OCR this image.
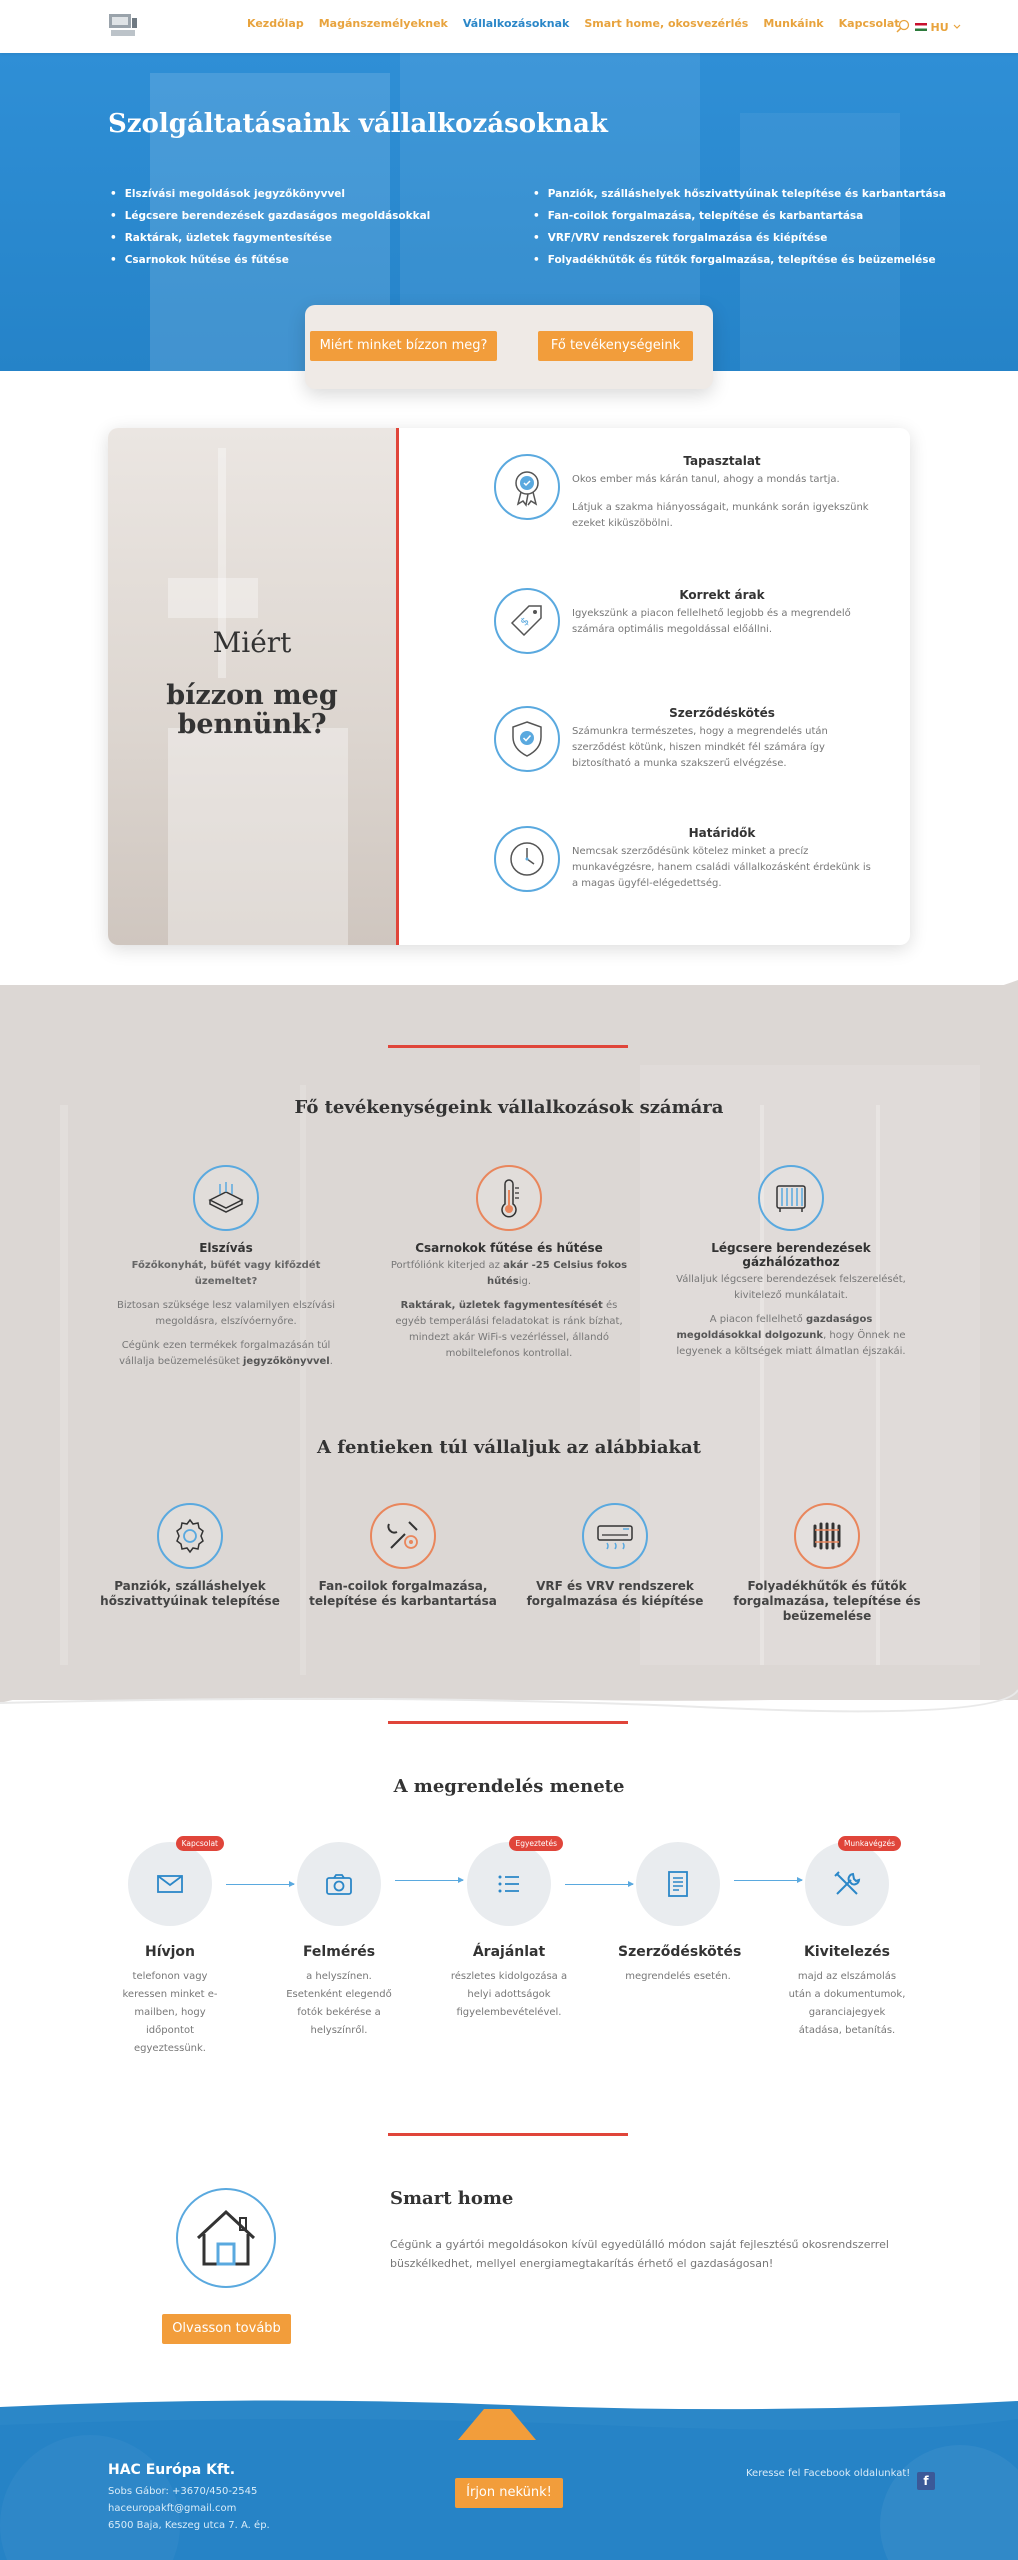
Kezdőlap Magánszemélyeknek Vállalkozásoknak Smart home, okosvezérlés Munkáink Kapcsolat	HU
Szolgáltatásaink vállalkozásoknak
• Elszívási megoldások jegyzőkönyvvel
• Légcsere berendezések gazdaságos megoldásokkal
• Raktárak, üzletek fagymentesítése
• Csarnokok hűtése és fűtése
• Panziók, szálláshelyek hőszivattyúinak telepítése és karbantartása
• Fan-coilok forgalmazása, telepítése és karbantartása
• VRF/VRV rendszerek forgalmazása és kiépítése
• Folyadékhűtők és fűtők forgalmazása, telepítése és beüzemelése
Miért minket bízzon meg?	Fő tevékenységeink
Miért
bízzon meg bennünk?
Tapasztalat

Okos ember más kárán tanul, ahogy a mondás tartja.

Látjuk a szakma hiányosságait, munkánk során igyekszünk ezeket kiküszöbölni.

$
Korrekt árak

Igyekszünk a piacon fellelhető legjobb és a megrendelő számára optimális megoldással előállni.

Szerződéskötés

Számunkra természetes, hogy a megrendelés után szerződést kötünk, hiszen mindkét fél számára így biztosítható a munka szakszerű elvégzése.

Határidők

Nemcsak szerződésünk kötelez minket a precíz munkavégzésre, hanem családi vállalkozásként érdekünk is a magas ügyfél-elégedettség.

Fő tevékenységeink vállalkozások számára
Elszívás
Főzőkonyhát, büfét vagy kifőzdét üzemeltet?

Biztosan szüksége lesz valamilyen elszívási megoldásra, elszívóernyőre.

Cégünk ezen termékek forgalmazásán túl vállalja beüzemelésüket jegyzőkönyvvel.

Csarnokok fűtése és hűtése

Portfóliónk kiterjed az akár -25 Celsius fokos hűtésig.

Raktárak, üzletek fagymentesítését és egyéb temperálási feladatokat is ránk bízhat, mindezt akár WiFi-s vezérléssel, állandó mobiltelefonos kontrollal.

Légcsere berendezések gázhálózathoz

Vállaljuk légcsere berendezések felszerelését, kivitelező munkálatait.

A piacon fellelhető gazdaságos megoldásokkal dolgozunk, hogy Önnek ne legyenek a költségek miatt álmatlan éjszakái.

A fentieken túl vállaljuk az alábbiakat
Panziók, szálláshelyek hőszivattyúinak telepítése
Fan-coilok forgalmazása, telepítése és karbantartása
VRF és VRV rendszerek forgalmazása és kiépítése
Folyadékhűtők és fűtők forgalmazása, telepítése és beüzemelése
A megrendelés menete
Kapcsolat
Hívjon

telefonon vagy keressen minket e-mailben, hogy időpontot egyeztessünk.

Felmérés

a helyszínen. Esetenként elegendő fotók bekérése a helyszínről.

Egyeztetés
Árajánlat

részletes kidolgozása a helyi adottságok figyelembevételével.

Szerződéskötés

megrendelés esetén.

Munkavégzés
Kivitelezés

majd az elszámolás után a dokumentumok, garanciajegyek átadása, betanítás.

Smart home
Cégünk a gyártói megoldásokon kívül egyedülálló módon saját fejlesztésű okosrendszerrel büszkélkedhet, mellyel energiamegtakarítás érhető el gazdaságosan!
Olvasson tovább
HAC Európa Kft.
Sobs Gábor: +3670/450-2545
haceuropakft@gmail.com
6500 Baja, Keszeg utca 7. A. ép.
Írjon nekünk!
Keresse fel Facebook oldalunkat!
f
